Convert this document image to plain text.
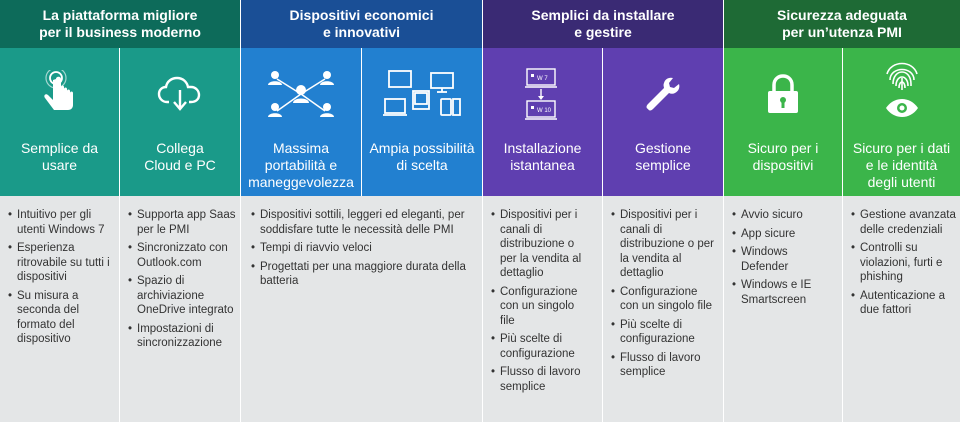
La piattaforma migliore
per il business moderno
Semplice da
usare
• Intuitivo per gli utenti Windows 7
• Esperienza ritrovabile su tutti i dispositivi
• Su misura a seconda del formato del dispositivo
Collega
Cloud e PC
• Supporta app Saas per le PMI
• Sincronizzato con Outlook.com
• Spazio di archiviazione OneDrive integrato
• Impostazioni di sincronizzazione
Dispositivi economici
e innovativi
Massima
portabilità e
maneggevolezza
Ampia possibilità
di scelta
• Dispositivi sottili, leggeri ed eleganti, per soddisfare tutte le necessità delle PMI
• Tempi di riavvio veloci
• Progettati per una maggiore durata della batteria
Semplici da installare
e gestire
W 7
W 10
Installazione
istantanea
• Dispositivi per i canali di distribuzione o per la vendita al dettaglio
• Configurazione con un singolo file
• Più scelte di configurazione
• Flusso di lavoro semplice
Gestione
semplice
• Dispositivi per i canali di distribuzione o per la vendita al dettaglio
• Configurazione con un singolo file
• Più scelte di configurazione
• Flusso di lavoro semplice
Sicurezza adeguata
per un’utenza PMI
Sicuro per i
dispositivi
• Avvio sicuro
• App sicure
• Windows Defender
• Windows e IE Smartscreen
Sicuro per i dati
e le identità
degli utenti
• Gestione avanzata delle credenziali
• Controlli su violazioni, furti e phishing
• Autenticazione a due fattori
